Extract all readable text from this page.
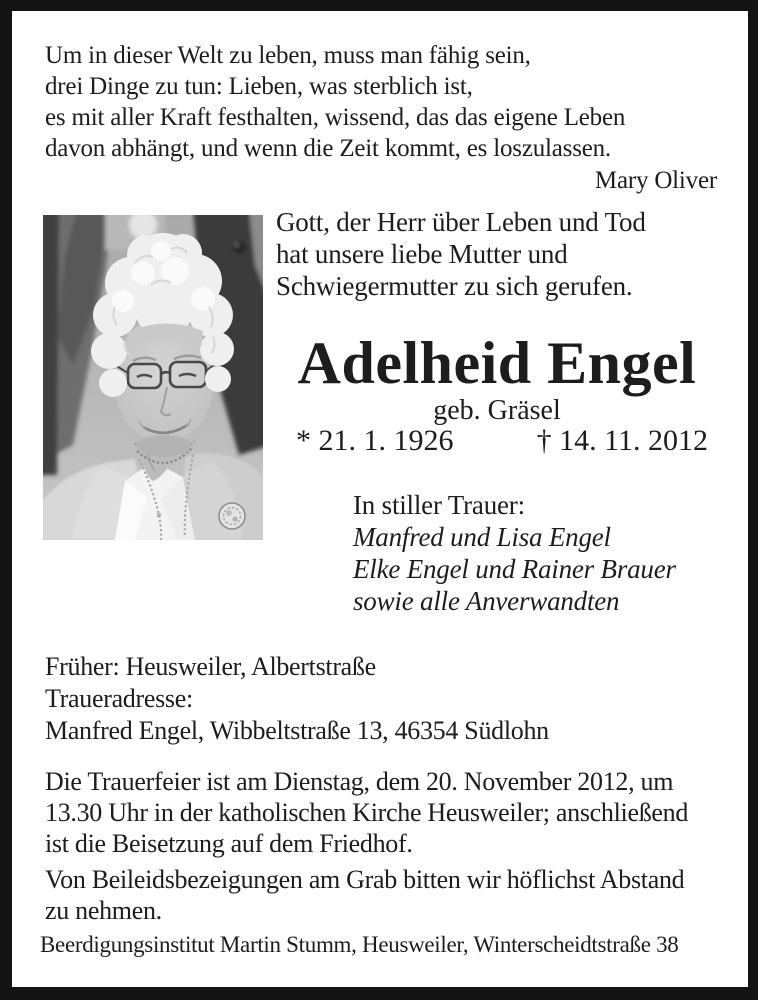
Um in dieser Welt zu leben, muss man fähig sein,
drei Dinge zu tun: Lieben, was sterblich ist,
es mit aller Kraft festhalten, wissend, das das eigene Leben
davon abhängt, und wenn die Zeit kommt, es loszulassen.
Mary Oliver
Gott, der Herr über Leben und Tod
hat unsere liebe Mutter und
Schwiegermutter zu sich gerufen.
Adelheid Engel
geb. Gräsel
* 21. 1. 1926	† 14. 11. 2012
In stiller Trauer:
Manfred und Lisa Engel
Elke Engel und Rainer Brauer
sowie alle Anverwandten
Früher: Heusweiler, Albertstraße
Traueradresse:
Manfred Engel, Wibbeltstraße 13, 46354 Südlohn
Die Trauerfeier ist am Dienstag, dem 20. November 2012, um
13.30 Uhr in der katholischen Kirche Heusweiler; anschließend
ist die Beisetzung auf dem Friedhof.
Von Beileidsbezeigungen am Grab bitten wir höflichst Abstand
zu nehmen.
Beerdigungsinstitut Martin Stumm, Heusweiler, Winterscheidtstraße 38
